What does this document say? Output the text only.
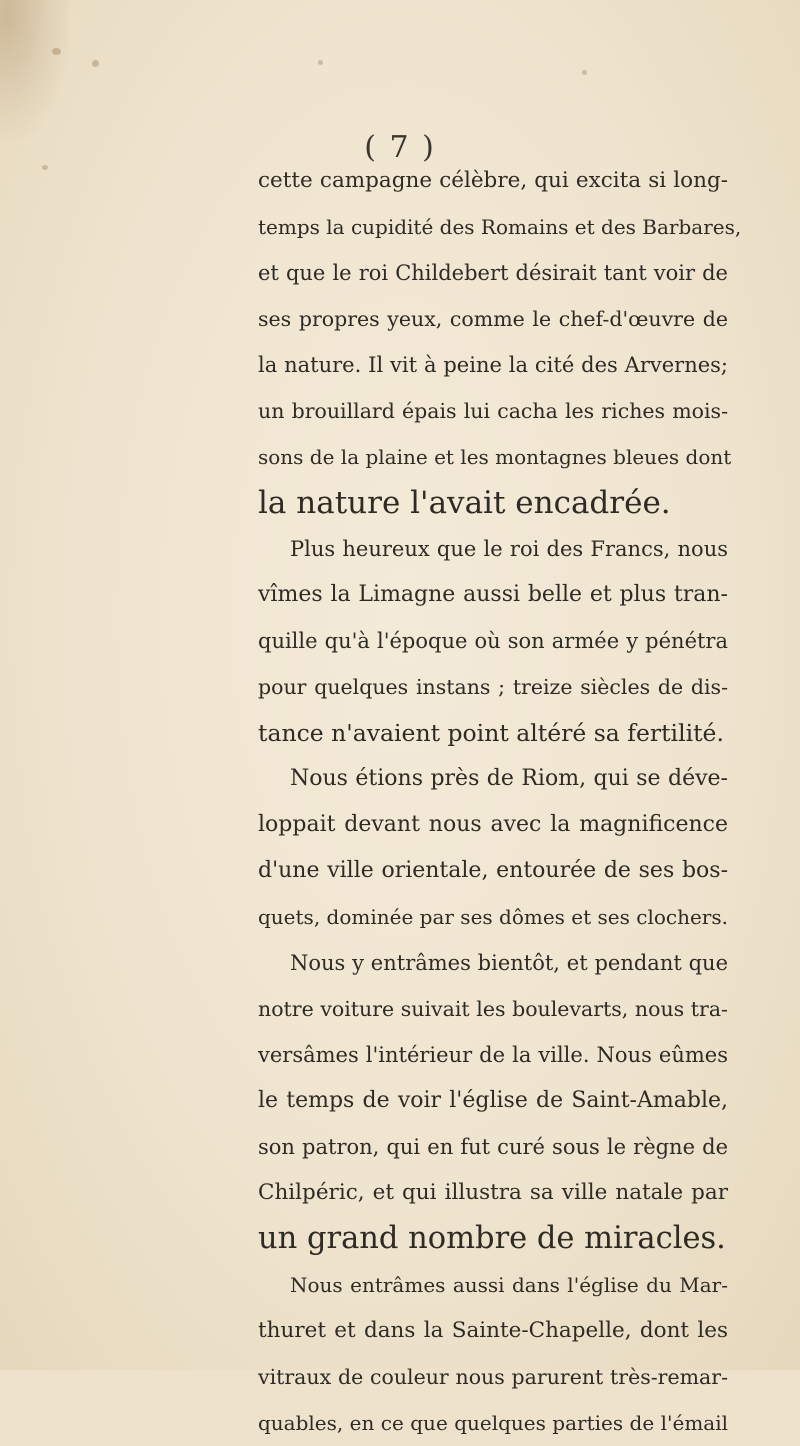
( 7 )
cette campagne célèbre, qui excita si long-
temps la cupidité des Romains et des Barbares,
et que le roi Childebert désirait tant voir de
ses propres yeux, comme le chef-d'œuvre de
la nature. Il vit à peine la cité des Arvernes;
un brouillard épais lui cacha les riches mois-
sons de la plaine et les montagnes bleues dont
la nature l'avait encadrée.
Plus heureux que le roi des Francs, nous
vîmes la Limagne aussi belle et plus tran-
quille qu'à l'époque où son armée y pénétra
pour quelques instans ; treize siècles de dis-
tance n'avaient point altéré sa fertilité.
Nous étions près de Riom, qui se déve-
loppait devant nous avec la magnificence
d'une ville orientale, entourée de ses bos-
quets, dominée par ses dômes et ses clochers.
Nous y entrâmes bientôt, et pendant que
notre voiture suivait les boulevarts, nous tra-
versâmes l'intérieur de la ville. Nous eûmes
le temps de voir l'église de Saint-Amable,
son patron, qui en fut curé sous le règne de
Chilpéric, et qui illustra sa ville natale par
un grand nombre de miracles.
Nous entrâmes aussi dans l'église du Mar-
thuret et dans la Sainte-Chapelle, dont les
vitraux de couleur nous parurent très-remar-
quables, en ce que quelques parties de l'émail
